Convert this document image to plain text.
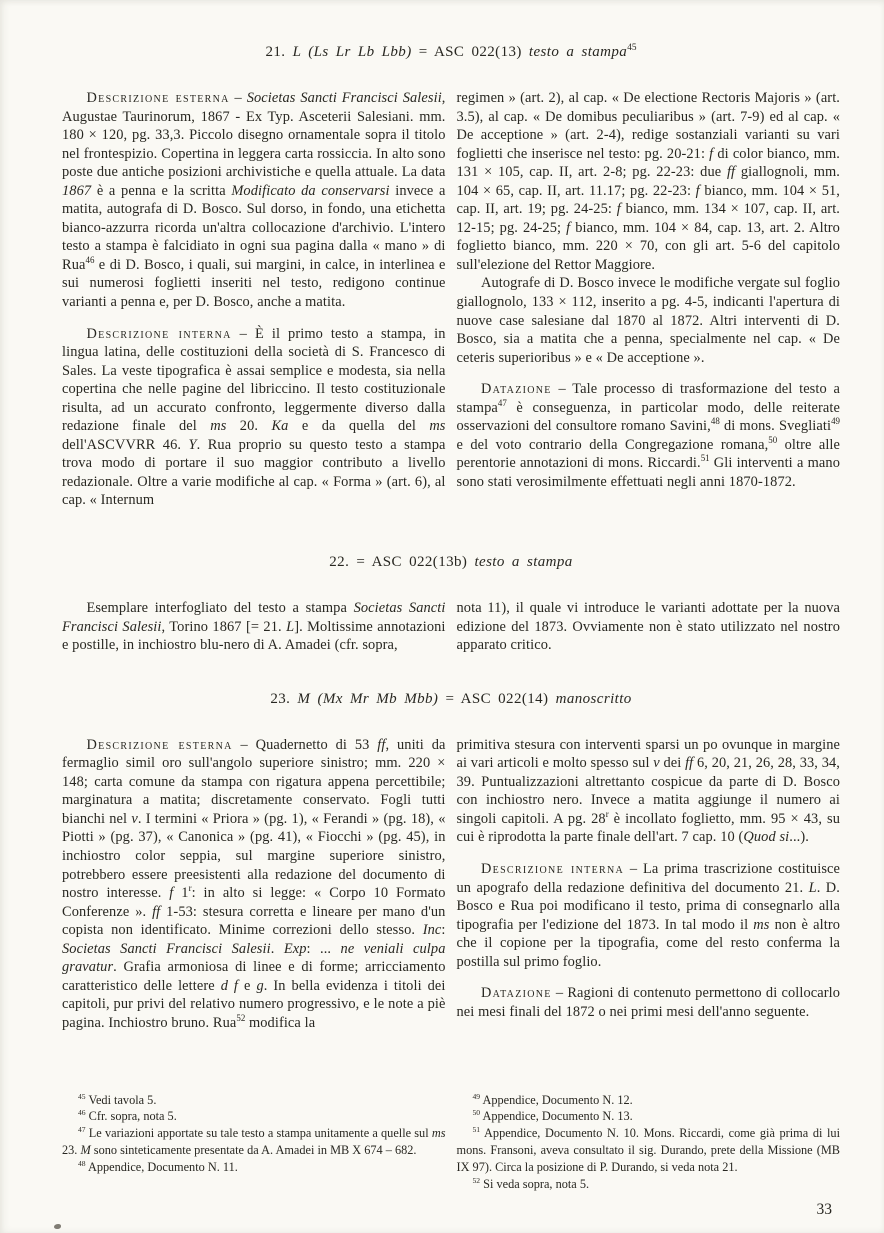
21. L (Ls Lr Lb Lbb) = ASC 022(13) testo a stampa$^{45}$

Descrizione esterna – Societas Sancti Francisci Salesii, Augustae Taurinorum, 1867 - Ex Typ. Asceterii Salesiani. mm. 180 × 120, pg. 33,3. Piccolo disegno ornamentale sopra il titolo nel frontespizio. Copertina in leggera carta rossiccia. In alto sono poste due antiche posizioni archivistiche e quella attuale. La data 1867 è a penna e la scritta Modificato da conservarsi invece a matita, autografa di D. Bosco. Sul dorso, in fondo, una etichetta bianco-azzurra ricorda un'altra collocazione d'archivio. L'intero testo a stampa è falcidiato in ogni sua pagina dalla « mano » di Rua$^{46}$ e di D. Bosco, i quali, sui margini, in calce, in interlinea e sui numerosi foglietti inseriti nel testo, redigono continue varianti a penna e, per D. Bosco, anche a matita.

Descrizione interna – È il primo testo a stampa, in lingua latina, delle costituzioni della società di S. Francesco di Sales. La veste tipografica è assai semplice e modesta, sia nella copertina che nelle pagine del libriccino. Il testo costituzionale risulta, ad un accurato confronto, leggermente diverso dalla redazione finale del ms 20. Ka e da quella del ms dell'ASCVVRR 46. Y. Rua proprio su questo testo a stampa trova modo di portare il suo maggior contributo a livello redazionale. Oltre a varie modifiche al cap. « Forma » (art. 6), al cap. « Internum

regimen » (art. 2), al cap. « De electione Rectoris Majoris » (art. 3.5), al cap. « De domibus peculiaribus » (art. 7-9) ed al cap. « De acceptione » (art. 2-4), redige sostanziali varianti su vari foglietti che inserisce nel testo: pg. 20-21: f di color bianco, mm. 131 × 105, cap. II, art. 2-8; pg. 22-23: due ff giallognoli, mm. 104 × 65, cap. II, art. 11.17; pg. 22-23: f bianco, mm. 104 × 51, cap. II, art. 19; pg. 24-25: f bianco, mm. 134 × 107, cap. II, art. 12-15; pg. 24-25; f bianco, mm. 104 × 84, cap. 13, art. 2. Altro foglietto bianco, mm. 220 × 70, con gli art. 5-6 del capitolo sull'elezione del Rettor Maggiore.

Autografe di D. Bosco invece le modifiche vergate sul foglio giallognolo, 133 × 112, inserito a pg. 4-5, indicanti l'apertura di nuove case salesiane dal 1870 al 1872. Altri interventi di D. Bosco, sia a matita che a penna, specialmente nel cap. « De ceteris superioribus » e « De acceptione ».

Datazione – Tale processo di trasformazione del testo a stampa$^{47}$ è conseguenza, in particolar modo, delle reiterate osservazioni del consultore romano Savini,$^{48}$ di mons. Svegliati$^{49}$ e del voto contrario della Congregazione romana,$^{50}$ oltre alle perentorie annotazioni di mons. Riccardi.$^{51}$ Gli interventi a mano sono stati verosimilmente effettuati negli anni 1870-1872.

22. = ASC 022(13b) testo a stampa

Esemplare interfogliato del testo a stampa Societas Sancti Francisci Salesii, Torino 1867 [= 21. L]. Moltissime annotazioni e postille, in inchiostro blu-nero di A. Amadei (cfr. sopra,

nota 11), il quale vi introduce le varianti adottate per la nuova edizione del 1873. Ovviamente non è stato utilizzato nel nostro apparato critico.

23. M (Mx Mr Mb Mbb) = ASC 022(14) manoscritto

Descrizione esterna – Quadernetto di 53 ff, uniti da fermaglio simil oro sull'angolo superiore sinistro; mm. 220 × 148; carta comune da stampa con rigatura appena percettibile; marginatura a matita; discretamente conservato. Fogli tutti bianchi nel v. I termini « Priora » (pg. 1), « Ferandi » (pg. 18), « Piotti » (pg. 37), « Canonica » (pg. 41), « Fiocchi » (pg. 45), in inchiostro color seppia, sul margine superiore sinistro, potrebbero essere preesistenti alla redazione del documento di nostro interesse. f 1$^r$: in alto si legge: « Corpo 10 Formato Conferenze ». ff 1-53: stesura corretta e lineare per mano d'un copista non identificato. Minime correzioni dello stesso. Inc: Societas Sancti Francisci Salesii. Exp: ... ne veniali culpa gravatur. Grafia armoniosa di linee e di forme; arricciamento caratteristico delle lettere d f e g. In bella evidenza i titoli dei capitoli, pur privi del relativo numero progressivo, e le note a piè pagina. Inchiostro bruno. Rua$^{52}$ modifica la

primitiva stesura con interventi sparsi un po ovunque in margine ai vari articoli e molto spesso sul v dei ff 6, 20, 21, 26, 28, 33, 34, 39. Puntualizzazioni altrettanto cospicue da parte di D. Bosco con inchiostro nero. Invece a matita aggiunge il numero ai singoli capitoli. A pg. 28$^r$ è incollato foglietto, mm. 95 × 43, su cui è riprodotta la parte finale dell'art. 7 cap. 10 (Quod si...).

Descrizione interna – La prima trascrizione costituisce un apografo della redazione definitiva del documento 21. L. D. Bosco e Rua poi modificano il testo, prima di consegnarlo alla tipografia per l'edizione del 1873. In tal modo il ms non è altro che il copione per la tipografia, come del resto conferma la postilla sul primo foglio.

Datazione – Ragioni di contenuto permettono di collocarlo nei mesi finali del 1872 o nei primi mesi dell'anno seguente.

$^{45}$ Vedi tavola 5.

$^{46}$ Cfr. sopra, nota 5.

$^{47}$ Le variazioni apportate su tale testo a stampa unitamente a quelle sul ms 23. M sono sinteticamente presentate da A. Amadei in MB X 674 – 682.

$^{48}$ Appendice, Documento N. 11.

$^{49}$ Appendice, Documento N. 12.

$^{50}$ Appendice, Documento N. 13.

$^{51}$ Appendice, Documento N. 10. Mons. Riccardi, come già prima di lui mons. Fransoni, aveva consultato il sig. Durando, prete della Missione (MB IX 97). Circa la posizione di P. Durando, si veda nota 21.

$^{52}$ Si veda sopra, nota 5.

33
